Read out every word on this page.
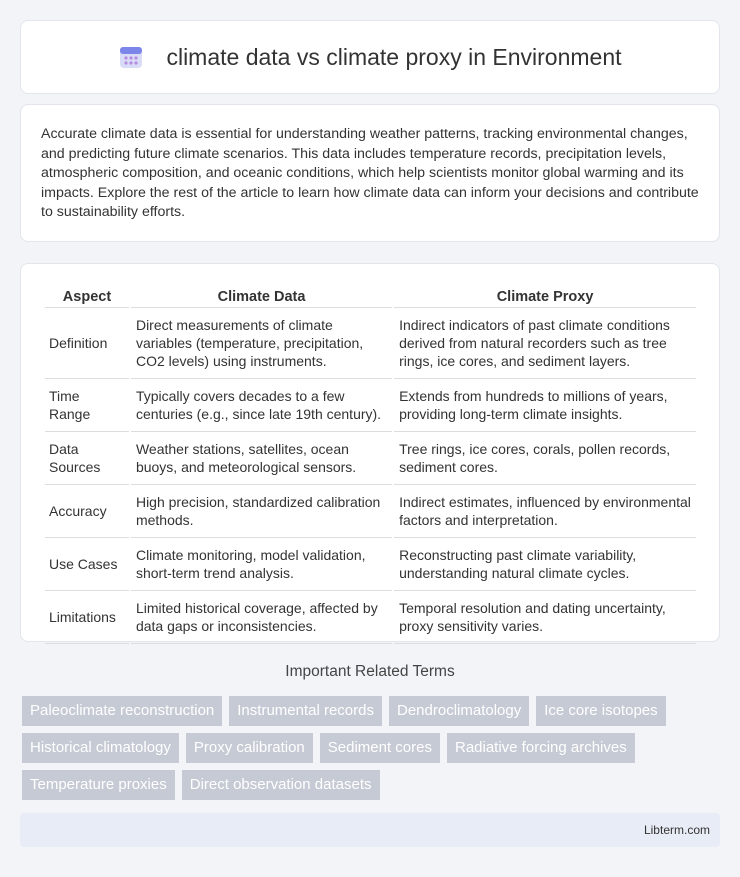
climate data vs climate proxy in Environment

Accurate climate data is essential for understanding weather patterns, tracking environmental changes, and predicting future climate scenarios. This data includes temperature records, precipitation levels, atmospheric composition, and oceanic conditions, which help scientists monitor global warming and its impacts. Explore the rest of the article to learn how climate data can inform your decisions and contribute to sustainability efforts.

Aspect	Climate Data	Climate Proxy
Definition	Direct measurements of climate variables (temperature, precipitation, CO2 levels) using instruments.	Indirect indicators of past climate conditions derived from natural recorders such as tree rings, ice cores, and sediment layers.
Time Range	Typically covers decades to a few centuries (e.g., since late 19th century).	Extends from hundreds to millions of years, providing long-term climate insights.
Data Sources	Weather stations, satellites, ocean buoys, and meteorological sensors.	Tree rings, ice cores, corals, pollen records, sediment cores.
Accuracy	High precision, standardized calibration methods.	Indirect estimates, influenced by environmental factors and interpretation.
Use Cases	Climate monitoring, model validation, short-term trend analysis.	Reconstructing past climate variability, understanding natural climate cycles.
Limitations	Limited historical coverage, affected by data gaps or inconsistencies.	Temporal resolution and dating uncertainty, proxy sensitivity varies.
Important Related Terms
Paleoclimate reconstruction	Instrumental records	Dendroclimatology	Ice core isotopes
Historical climatology	Proxy calibration	Sediment cores	Radiative forcing archives
Temperature proxies	Direct observation datasets
Libterm.com
